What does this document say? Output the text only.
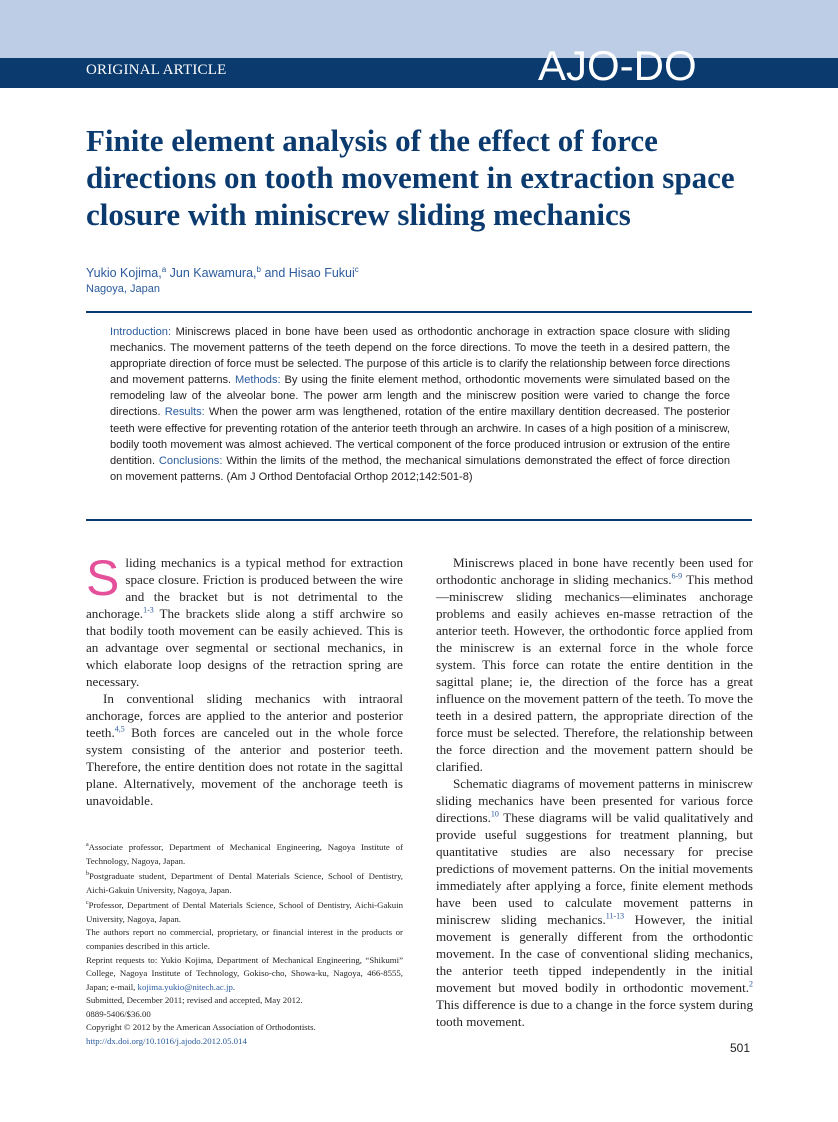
ORIGINAL ARTICLE	AJO-DO
Finite element analysis of the effect of force directions on tooth movement in extraction space closure with miniscrew sliding mechanics
Yukio Kojima,$^a$ Jun Kawamura,$^b$ and Hisao Fukui$^c$
Nagoya, Japan
Introduction: Miniscrews placed in bone have been used as orthodontic anchorage in extraction space closure with sliding mechanics. The movement patterns of the teeth depend on the force directions. To move the teeth in a desired pattern, the appropriate direction of force must be selected. The purpose of this article is to clarify the relationship between force directions and movement patterns. Methods: By using the finite element method, orthodontic movements were simulated based on the remodeling law of the alveolar bone. The power arm length and the miniscrew position were varied to change the force directions. Results: When the power arm was lengthened, rotation of the entire maxillary dentition decreased. The posterior teeth were effective for preventing rotation of the anterior teeth through an archwire. In cases of a high position of a miniscrew, bodily tooth movement was almost achieved. The vertical component of the force produced intrusion or extrusion of the entire dentition. Conclusions: Within the limits of the method, the mechanical simulations demonstrated the effect of force direction on movement patterns. (Am J Orthod Dentofacial Orthop 2012;142:501-8)

Sliding mechanics is a typical method for extraction space closure. Friction is produced between the wire and the bracket but is not detrimental to the anchorage.$^{1-3}$ The brackets slide along a stiff archwire so that bodily tooth movement can be easily achieved. This is an advantage over segmental or sectional mechanics, in which elaborate loop designs of the retraction spring are necessary.

In conventional sliding mechanics with intraoral anchorage, forces are applied to the anterior and posterior teeth.$^{4,5}$ Both forces are canceled out in the whole force system consisting of the anterior and posterior teeth. Therefore, the entire dentition does not rotate in the sagittal plane. Alternatively, movement of the anchorage teeth is unavoidable.

$^a$Associate professor, Department of Mechanical Engineering, Nagoya Institute of Technology, Nagoya, Japan.
$^b$Postgraduate student, Department of Dental Materials Science, School of Dentistry, Aichi-Gakuin University, Nagoya, Japan.
$^c$Professor, Department of Dental Materials Science, School of Dentistry, Aichi-Gakuin University, Nagoya, Japan.
The authors report no commercial, proprietary, or financial interest in the products or companies described in this article.
Reprint requests to: Yukio Kojima, Department of Mechanical Engineering, “Shikumi” College, Nagoya Institute of Technology, Gokiso-cho, Showa-ku, Nagoya, 466-8555, Japan; e-mail, kojima.yukio@nitech.ac.jp.
Submitted, December 2011; revised and accepted, May 2012.
0889-5406/$36.00
Copyright © 2012 by the American Association of Orthodontists.
http://dx.doi.org/10.1016/j.ajodo.2012.05.014

Miniscrews placed in bone have recently been used for orthodontic anchorage in sliding mechanics.$^{6-9}$ This method—miniscrew sliding mechanics—eliminates anchorage problems and easily achieves en-masse retraction of the anterior teeth. However, the orthodontic force applied from the miniscrew is an external force in the whole force system. This force can rotate the entire dentition in the sagittal plane; ie, the direction of the force has a great influence on the movement pattern of the teeth. To move the teeth in a desired pattern, the appropriate direction of the force must be selected. Therefore, the relationship between the force direction and the movement pattern should be clarified.

Schematic diagrams of movement patterns in miniscrew sliding mechanics have been presented for various force directions.$^{10}$ These diagrams will be valid qualitatively and provide useful suggestions for treatment planning, but quantitative studies are also necessary for precise predictions of movement patterns. On the initial movements immediately after applying a force, finite element methods have been used to calculate movement patterns in miniscrew sliding mechanics.$^{11-13}$ However, the initial movement is generally different from the orthodontic movement. In the case of conventional sliding mechanics, the anterior teeth tipped independently in the initial movement but moved bodily in orthodontic movement.$^2$ This difference is due to a change in the force system during tooth movement.

501
